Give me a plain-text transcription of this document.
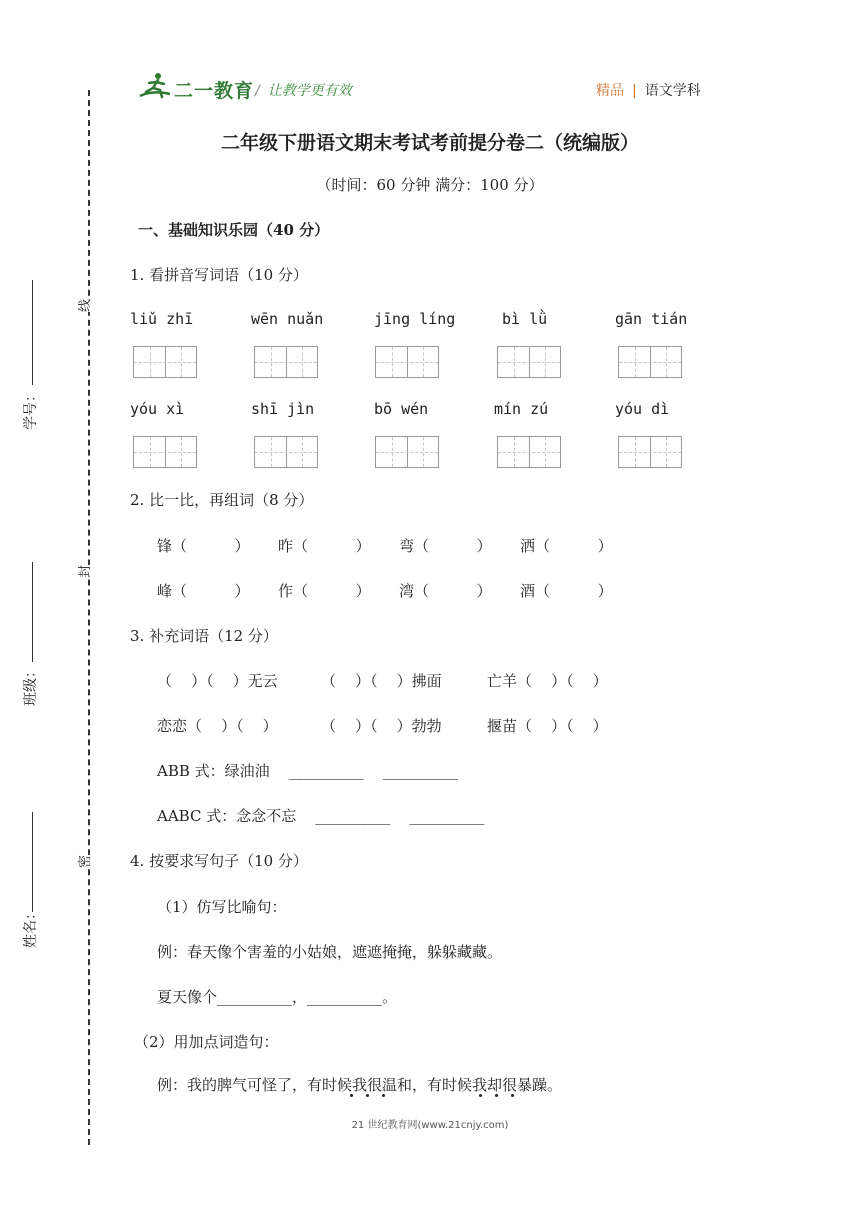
学号：
班级：
姓名：
线
封
密
二一教育 / 让教学更有效	精品 | 语文学科
二年级下册语文期末考试考前提分卷二（统编版）
（时间：60 分钟 满分：100 分）
一、基础知识乐园（40 分）
1. 看拼音写词语（10 分）
liǔ zhī	wēn nuǎn	jīng líng	bì lǜ	gān tián
yóu xì	shī jìn	bō wén	mín zú	yóu dì
2. 比一比，再组词（8 分）
锋（          ） 昨（          ） 弯（          ） 洒（          ）
峰（          ） 作（          ） 湾（          ） 酒（          ）
3. 补充词语（12 分）
（    ）（    ）无云	（    ）（    ）拂面	亡羊（    ）（    ）
恋恋（    ）（    ）	（    ）（    ）勃勃	揠苗（    ）（    ）
ABB 式：绿油油    __________    __________
AABC 式：念念不忘    __________    __________
4. 按要求写句子（10 分）
（1）仿写比喻句：
例：春天像个害羞的小姑娘，遮遮掩掩，躲躲藏藏。
夏天像个__________，__________。
（2）用加点词造句：
例：我的脾气可怪了，有时候我很温和，有时候我却很暴躁。
21 世纪教育网(www.21cnjy.com)
